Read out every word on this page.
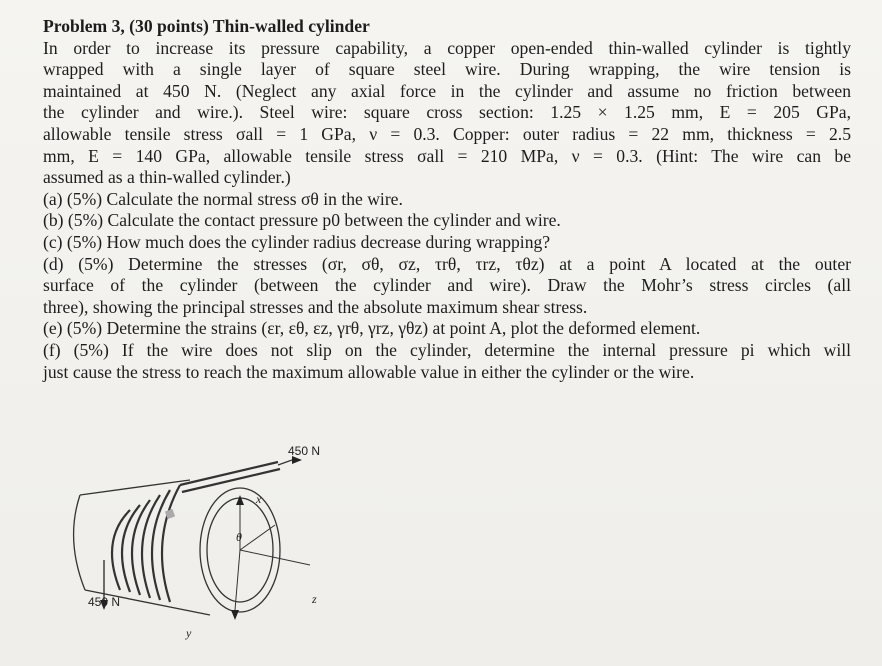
Problem 3, (30 points) Thin-walled cylinder
In order to increase its pressure capability, a copper open-ended thin-walled cylinder is tightly
wrapped with a single layer of square steel wire. During wrapping, the wire tension is
maintained at 450 N. (Neglect any axial force in the cylinder and assume no friction between
the cylinder and wire.). Steel wire: square cross section: 1.25 × 1.25 mm, E = 205 GPa,
allowable tensile stress σall = 1 GPa, ν = 0.3. Copper: outer radius = 22 mm, thickness = 2.5
mm, E = 140 GPa, allowable tensile stress σall = 210 MPa, ν = 0.3. (Hint: The wire can be
assumed as a thin-walled cylinder.)
(a) (5%) Calculate the normal stress σθ in the wire.
(b) (5%) Calculate the contact pressure p0 between the cylinder and wire.
(c) (5%) How much does the cylinder radius decrease during wrapping?
(d) (5%) Determine the stresses (σr, σθ, σz, τrθ, τrz, τθz) at a point A located at the outer
surface of the cylinder (between the cylinder and wire). Draw the Mohr’s stress circles (all
three), showing the principal stresses and the absolute maximum shear stress.
(e) (5%) Determine the strains (εr, εθ, εz, γrθ, γrz, γθz) at point A, plot the deformed element.
(f) (5%) If the wire does not slip on the cylinder, determine the internal pressure pi which will
just cause the stress to reach the maximum allowable value in either the cylinder or the wire.
450 N
450 N
x
y
z
θ
